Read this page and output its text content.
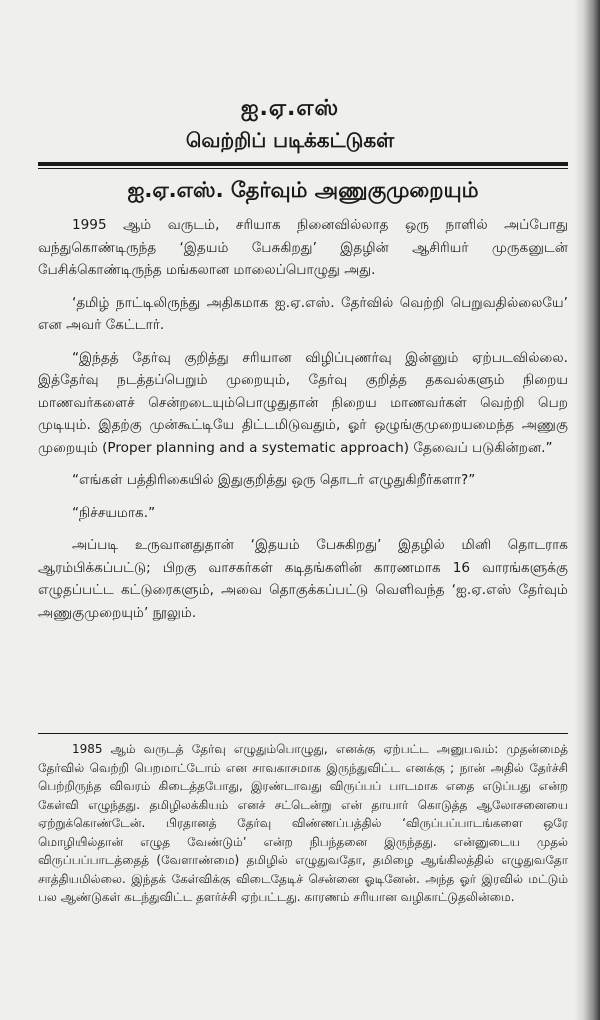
ஐ.ஏ.எஸ்
வெற்றிப் படிக்கட்டுகள்
ஐ.ஏ.எஸ். தேர்வும் அணுகுமுறையும்

1995 ஆம் வருடம், சரியாக நினைவில்லாத ஒரு நாளில் அப்போது வந்துகொண்டிருந்த ‘இதயம் பேசுகிறது’ இதழின் ஆசிரியர் முருகனுடன் பேசிக்கொண்டிருந்த மங்கலான மாலைப்பொழுது அது.

‘தமிழ் நாட்டிலிருந்து அதிகமாக ஐ.ஏ.எஸ். தேர்வில் வெற்றி பெறுவதில்லையே’ என அவர் கேட்டார்.

“இந்தத் தேர்வு குறித்து சரியான விழிப்புணர்வு இன்னும் ஏற்படவில்லை. இத்தேர்வு நடத்தப்பெறும் முறையும், தேர்வு குறித்த தகவல்களும் நிறைய மாணவர்களைச் சென்றடையும்பொழுதுதான் நிறைய மாணவர்கள் வெற்றி பெற முடியும். இதற்கு முன்கூட்டியே திட்டமிடுவதும், ஓர் ஒழுங்குமுறையமைந்த அணுகு முறையும் (Proper planning and a systematic approach) தேவைப் படுகின்றன.”

“எங்கள் பத்திரிகையில் இதுகுறித்து ஒரு தொடர் எழுதுகிறீர்களா?”

“நிச்சயமாக.”

அப்படி உருவானதுதான் ‘இதயம் பேசுகிறது’ இதழில் மினி தொடராக ஆரம்பிக்கப்பட்டு; பிறகு வாசகர்கள் கடிதங்களின் காரணமாக 16 வாரங்களுக்கு எழுதப்பட்ட கட்டுரைகளும், அவை தொகுக்கப்பட்டு வெளிவந்த ‘ஐ.ஏ.எஸ் தேர்வும் அணுகுமுறையும்’ நூலும்.

1985 ஆம் வருடத் தேர்வு எழுதும்பொழுது, எனக்கு ஏற்பட்ட அனுபவம்: முதன்மைத் தேர்வில் வெற்றி பெறமாட்டோம் என சாவகாசமாக இருந்துவிட்ட எனக்கு ; நான் அதில் தேர்ச்சி பெற்றிருந்த விவரம் கிடைத்தபோது, இரண்டாவது விருப்பப் பாடமாக எதை எடுப்பது என்ற கேள்வி எழுந்தது. தமிழிலக்கியம் எனச் சட்டென்று என் தாயார் கொடுத்த ஆலோசனையை ஏற்றுக்கொண்டேன். பிரதானத் தேர்வு விண்ணப்பத்தில் ‘விருப்பப்பாடங்களை ஒரே மொழியில்தான் எழுத வேண்டும்’ என்ற நிபந்தனை இருந்தது. என்னுடைய முதல் விருப்பப்பாடத்தைத் (வேளாண்மை) தமிழில் எழுதுவதோ, தமிழை ஆங்கிலத்தில் எழுதுவதோ சாத்தியமில்லை. இந்தக் கேள்விக்கு விடைதேடிச் சென்னை ஓடினேன். அந்த ஓர் இரவில் மட்டும் பல ஆண்டுகள் கடந்துவிட்ட தளர்ச்சி ஏற்பட்டது. காரணம் சரியான வழிகாட்டுதலின்மை.
